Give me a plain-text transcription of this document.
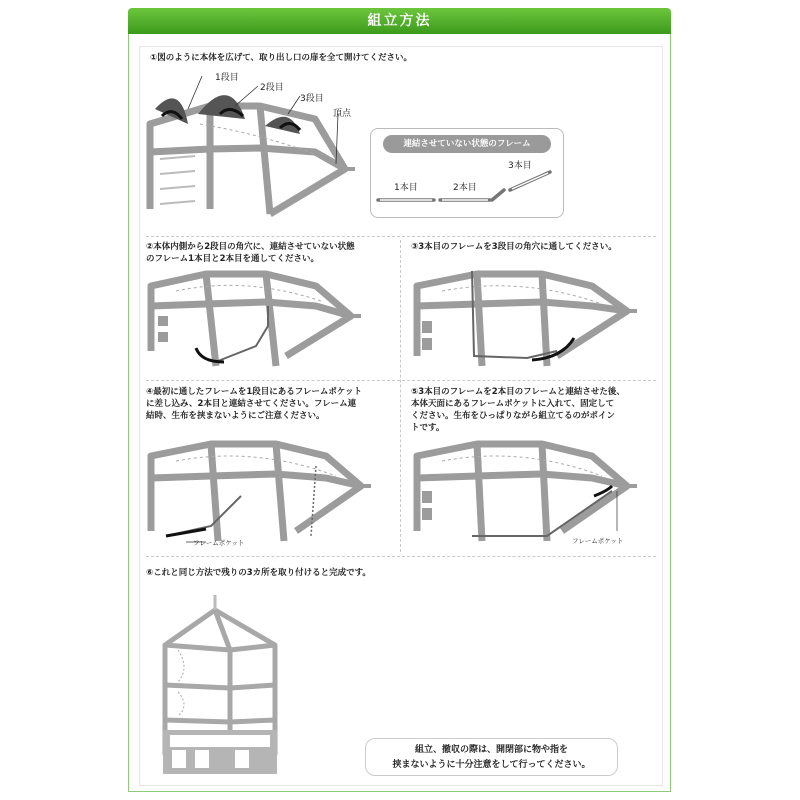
組立方法
①図のように本体を広げて、取り出し口の扉を全て開けてください。
②本体内側から2段目の角穴に、連結させていない状態
のフレーム1本目と2本目を通してください。
③3本目のフレームを3段目の角穴に通してください。
④最初に通したフレームを1段目にあるフレームポケット
に差し込み、2本目と連結させてください。フレーム連
結時、生布を挟まないようにご注意ください。
⑤3本目のフレームを2本目のフレームと連結させた後、
本体天面にあるフレームポケットに入れて、固定して
ください。生布をひっぱりながら組立てるのがポイン
トです。
⑥これと同じ方法で残りの3カ所を取り付けると完成です。
1段目
2段目
3段目
頂点
連結させていない状態のフレーム
1本目	2本目
3本目
フレームポケット	フレームポケット
組立、撤収の際は、開閉部に物や指を
挟まないように十分注意をして行ってください。
